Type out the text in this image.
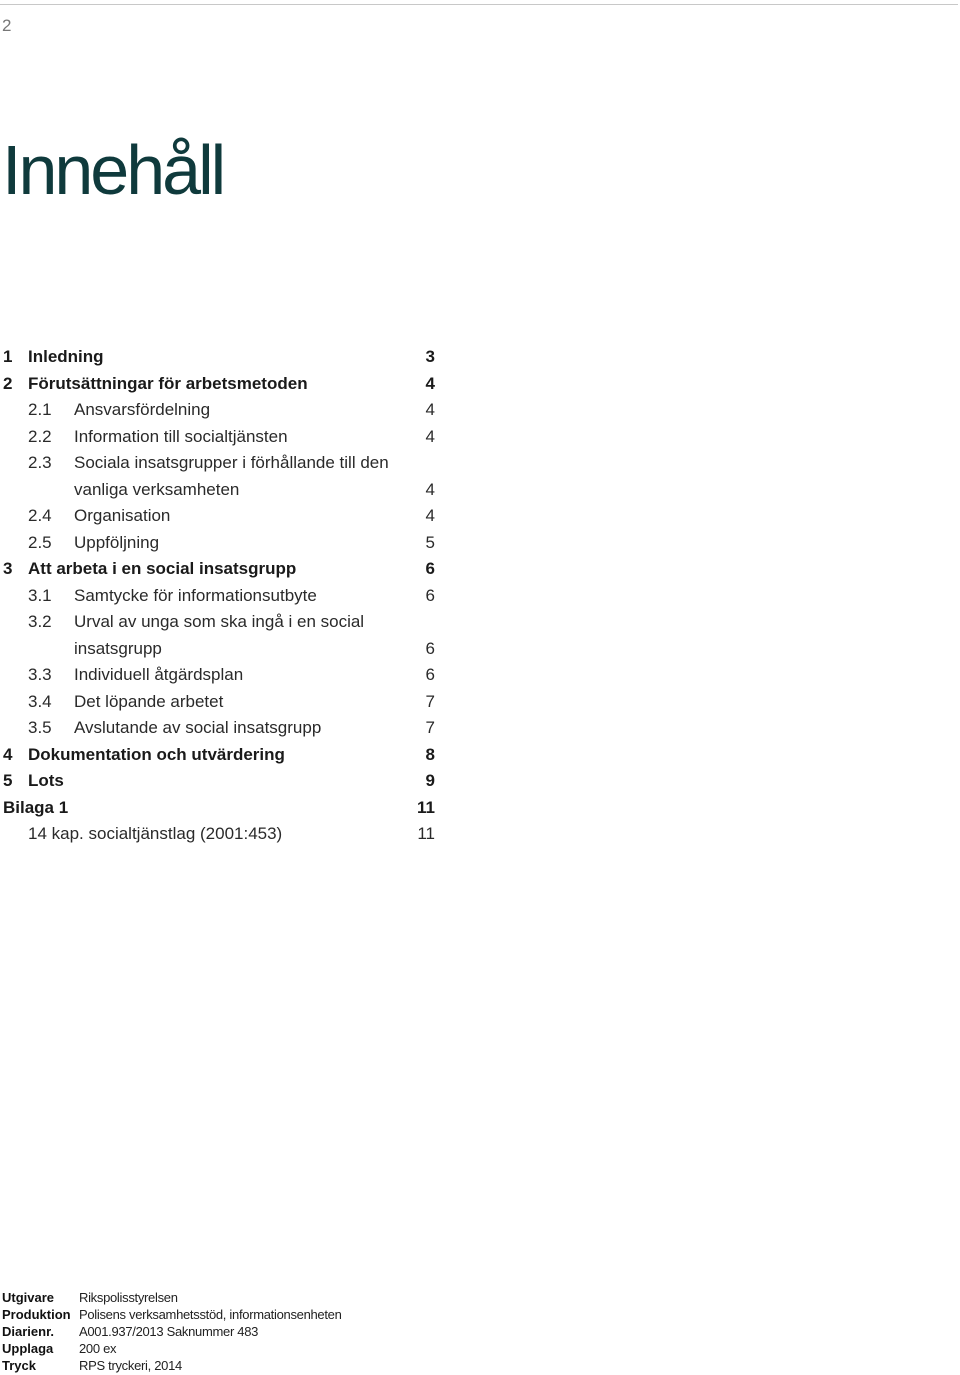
2
Innehåll
1 Inledning	3
2 Förutsättningar för arbetsmetoden	4
2.1	Ansvarsfördelning	4
2.2	Information till socialtjänsten	4
2.3	Sociala insatsgrupper i förhållande till den vanliga verksamheten	4
2.4	Organisation	4
2.5	Uppföljning	5
3 Att arbeta i en social insatsgrupp	6
3.1	Samtycke för informationsutbyte	6
3.2	Urval av unga som ska ingå i en social insatsgrupp	6
3.3	Individuell åtgärdsplan	6
3.4	Det löpande arbetet	7
3.5	Avslutande av social insatsgrupp	7
4 Dokumentation och utvärdering	8
5 Lots	9
Bilaga 1	11
14 kap. socialtjänstlag (2001:453)	11
Utgivare Rikspolisstyrelsen
Produktion Polisens verksamhetsstöd, informationsenheten
Diarienr. A001.937/2013 Saknummer 483
Upplaga 200 ex
Tryck	RPS tryckeri, 2014
